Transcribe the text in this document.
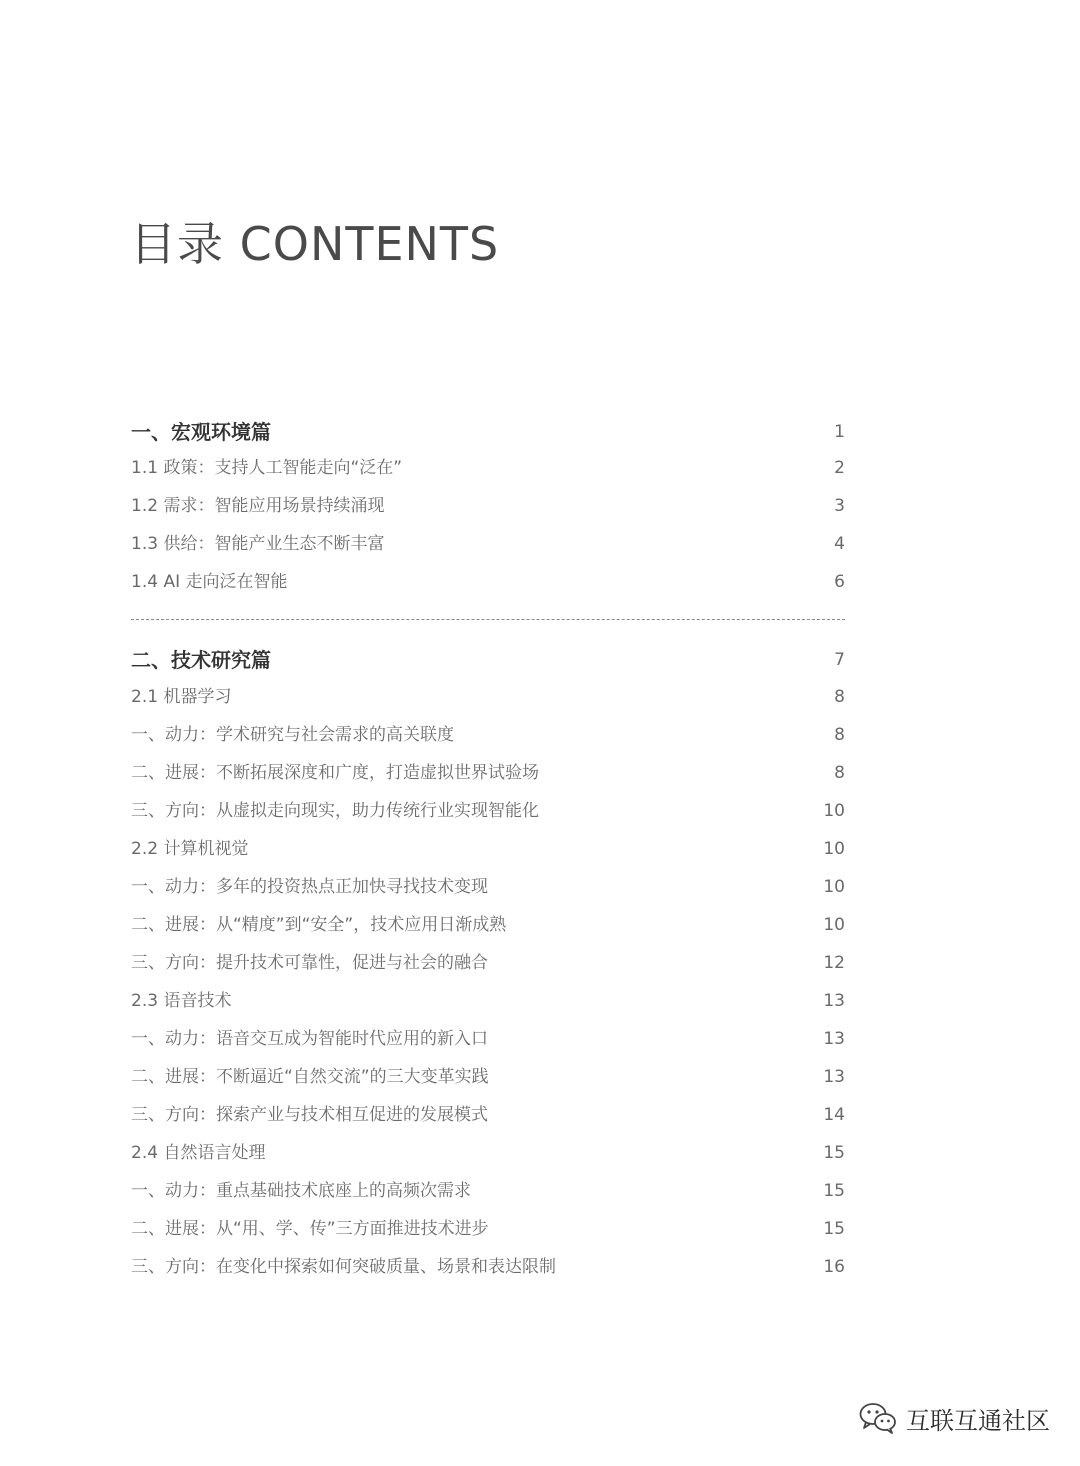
目录 CONTENTS
一、宏观环境篇	1
1.1 政策：支持人工智能走向“泛在”	2
1.2 需求：智能应用场景持续涌现	3
1.3 供给：智能产业生态不断丰富	4
1.4 AI 走向泛在智能	6
二、技术研究篇	7
2.1 机器学习	8
一、动力：学术研究与社会需求的高关联度	8
二、进展：不断拓展深度和广度，打造虚拟世界试验场	8
三、方向：从虚拟走向现实，助力传统行业实现智能化	10
2.2 计算机视觉	10
一、动力：多年的投资热点正加快寻找技术变现	10
二、进展：从“精度”到“安全”，技术应用日渐成熟	10
三、方向：提升技术可靠性，促进与社会的融合	12
2.3 语音技术	13
一、动力：语音交互成为智能时代应用的新入口	13
二、进展：不断逼近“自然交流”的三大变革实践	13
三、方向：探索产业与技术相互促进的发展模式	14
2.4 自然语言处理	15
一、动力：重点基础技术底座上的高频次需求	15
二、进展：从“用、学、传”三方面推进技术进步	15
三、方向：在变化中探索如何突破质量、场景和表达限制	16
互联互通社区
